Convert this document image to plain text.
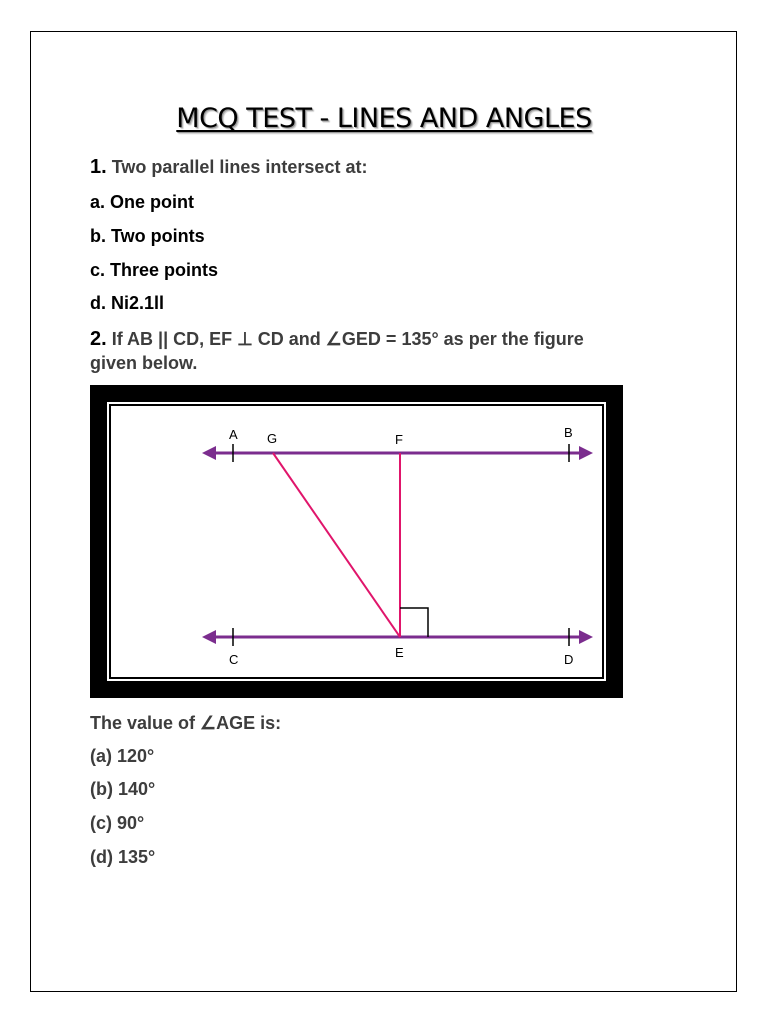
MCQ TEST - LINES AND ANGLES
1. Two parallel lines intersect at:
a. One point
b. Two points
c. Three points
d. Ni2.1ll
2. If AB || CD, EF ⊥ CD and ∠GED = 135° as per the figure
given below.
A G	F	B
C	E	D
The value of ∠AGE is:
(a) 120°
(b) 140°
(c) 90°
(d) 135°
